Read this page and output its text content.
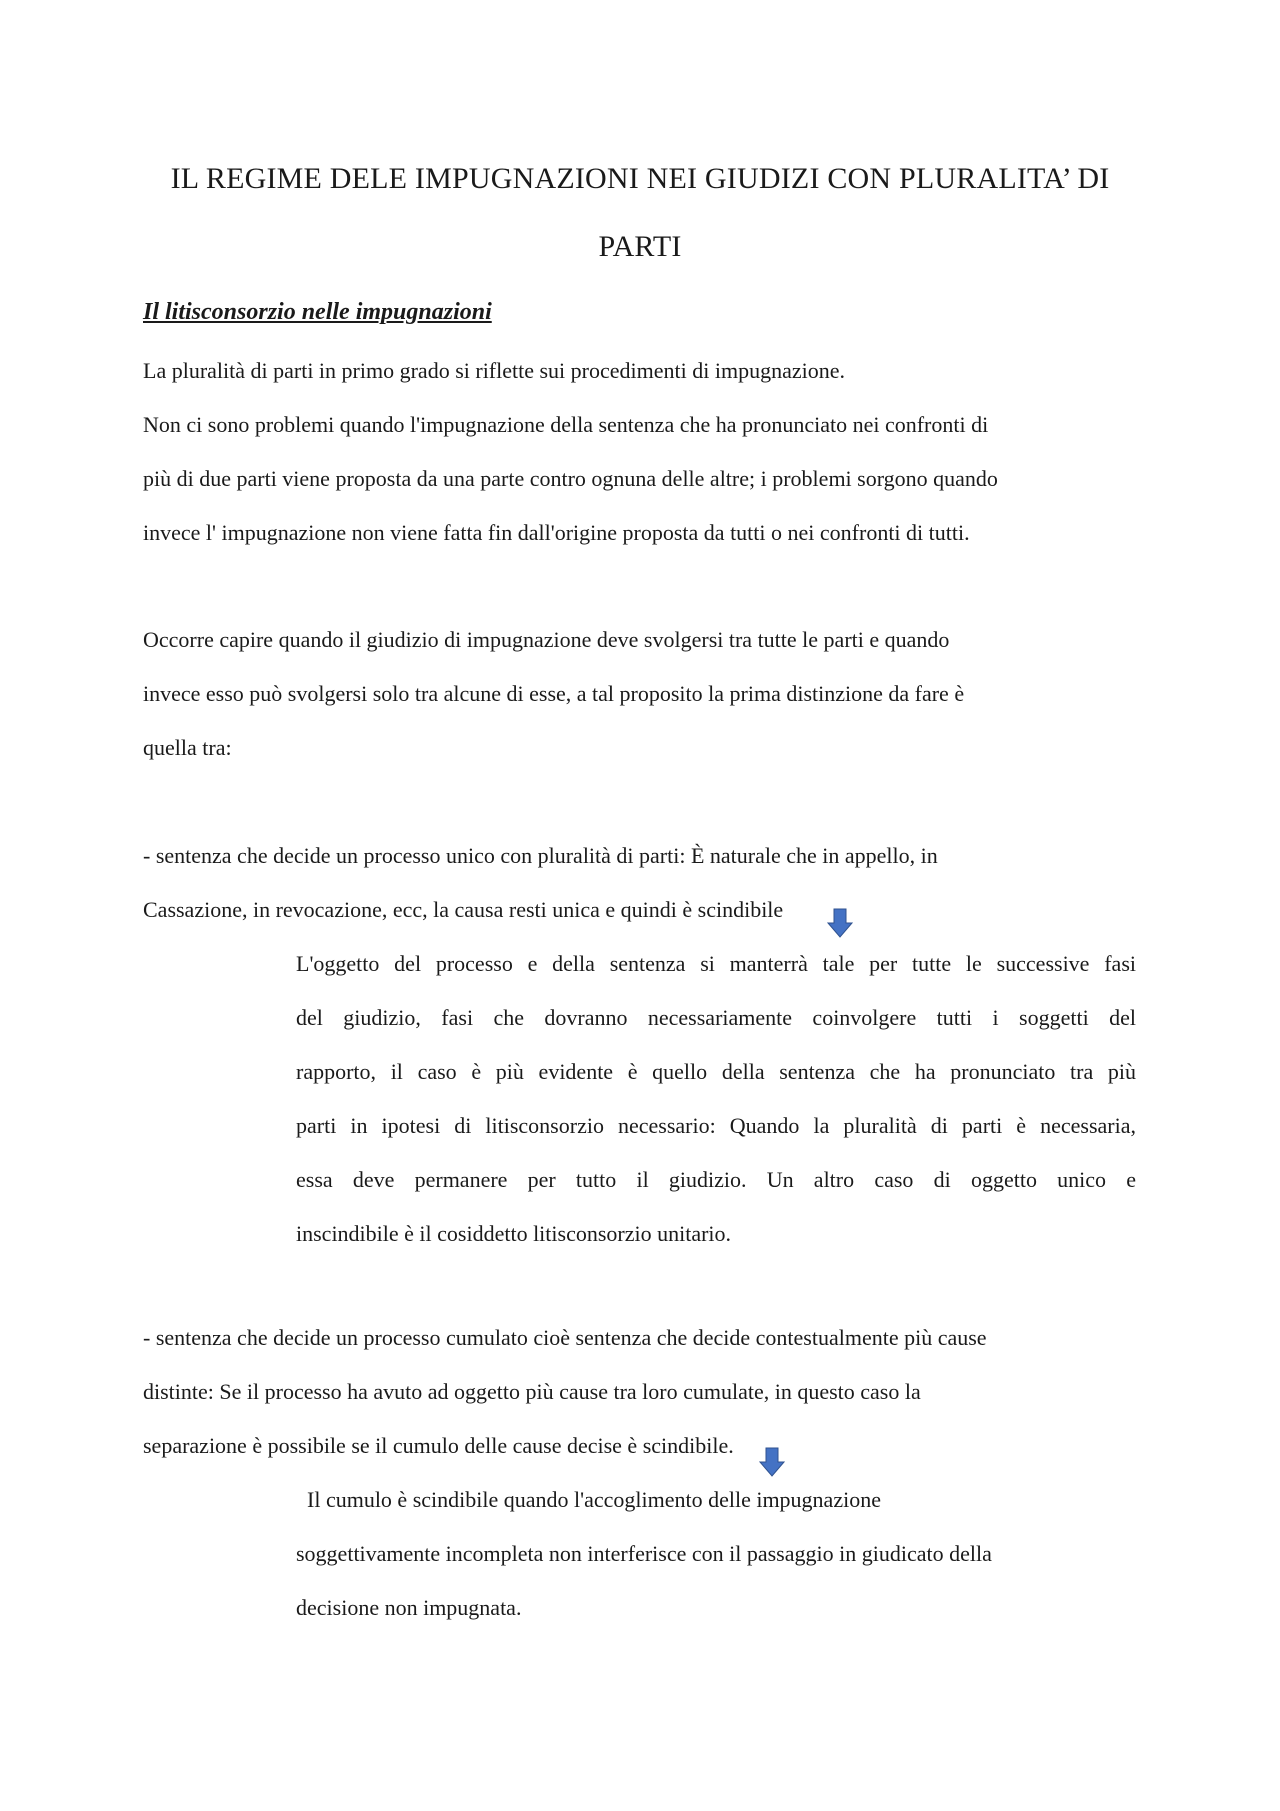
IL REGIME DELE IMPUGNAZIONI NEI GIUDIZI CON PLURALITA’ DI
PARTI
Il litisconsorzio nelle impugnazioni
La pluralità di parti in primo grado si riflette sui procedimenti di impugnazione.
Non ci sono problemi quando l'impugnazione della sentenza che ha pronunciato nei confronti di
più di due parti viene proposta da una parte contro ognuna delle altre; i problemi sorgono quando
invece l' impugnazione non viene fatta fin dall'origine proposta da tutti o nei confronti di tutti.
Occorre capire quando il giudizio di impugnazione deve svolgersi tra tutte le parti e quando
invece esso può svolgersi solo tra alcune di esse, a tal proposito la prima distinzione da fare è
quella tra:
- sentenza che decide un processo unico con pluralità di parti: È naturale che in appello, in
Cassazione, in revocazione, ecc, la causa resti unica e quindi è scindibile
L'oggetto del processo e della sentenza si manterrà tale per tutte le successive fasi
del giudizio, fasi che dovranno necessariamente coinvolgere tutti i soggetti del
rapporto, il caso è più evidente è quello della sentenza che ha pronunciato tra più
parti in ipotesi di litisconsorzio necessario: Quando la pluralità di parti è necessaria,
essa deve permanere per tutto il giudizio. Un altro caso di oggetto unico e
inscindibile è il cosiddetto litisconsorzio unitario.
- sentenza che decide un processo cumulato cioè sentenza che decide contestualmente più cause
distinte: Se il processo ha avuto ad oggetto più cause tra loro cumulate, in questo caso la
separazione è possibile se il cumulo delle cause decise è scindibile.
Il cumulo è scindibile quando l'accoglimento delle impugnazione
soggettivamente incompleta non interferisce con il passaggio in giudicato della
decisione non impugnata.
